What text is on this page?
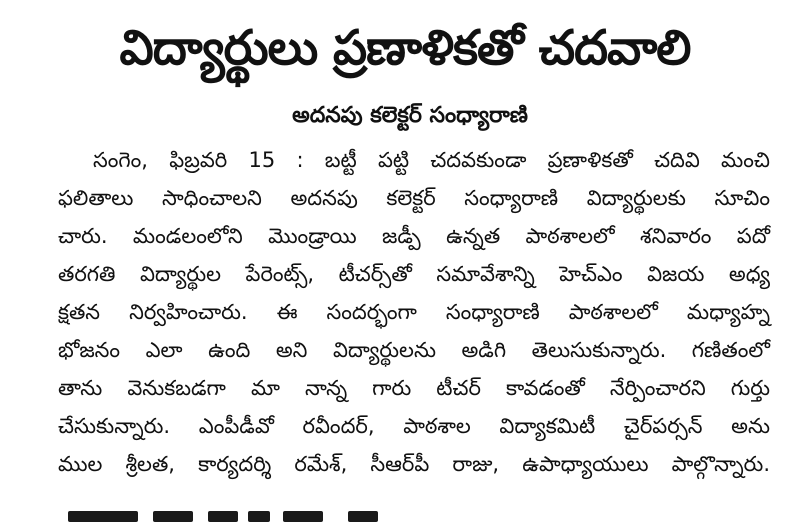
విద్యార్థులు ప్రణాళికతో చదవాలి
అదనపు కలెక్టర్ సంధ్యారాణి
సంగెం, ఫిబ్రవరి 15 : బట్టీ పట్టి చదవకుండా ప్రణాళికతో చదివి మంచి
ఫలితాలు సాధించాలని అదనపు కలెక్టర్ సంధ్యారాణి విద్యార్థులకు సూచిం
చారు. మండలంలోని మొండ్రాయి జడ్పీ ఉన్నత పాఠశాలలో శనివారం పదో
తరగతి విద్యార్థుల పేరెంట్స్, టీచర్స్‌తో సమావేశాన్ని హెచ్‌ఎం విజయ అధ్య
క్షతన నిర్వహించారు. ఈ సందర్భంగా సంధ్యారాణి పాఠశాలలో మధ్యాహ్న
భోజనం ఎలా ఉంది అని విద్యార్థులను అడిగి తెలుసుకున్నారు. గణితంలో
తాను వెనుకబడగా మా నాన్న గారు టీచర్ కావడంతో నేర్పించారని గుర్తు
చేసుకున్నారు. ఎంపీడీవో రవీందర్, పాఠశాల విద్యాకమిటీ చైర్‌పర్సన్ అను
ముల శ్రీలత, కార్యదర్శి రమేశ్, సీఆర్‌పీ రాజు, ఉపాధ్యాయులు పాల్గొన్నారు.
